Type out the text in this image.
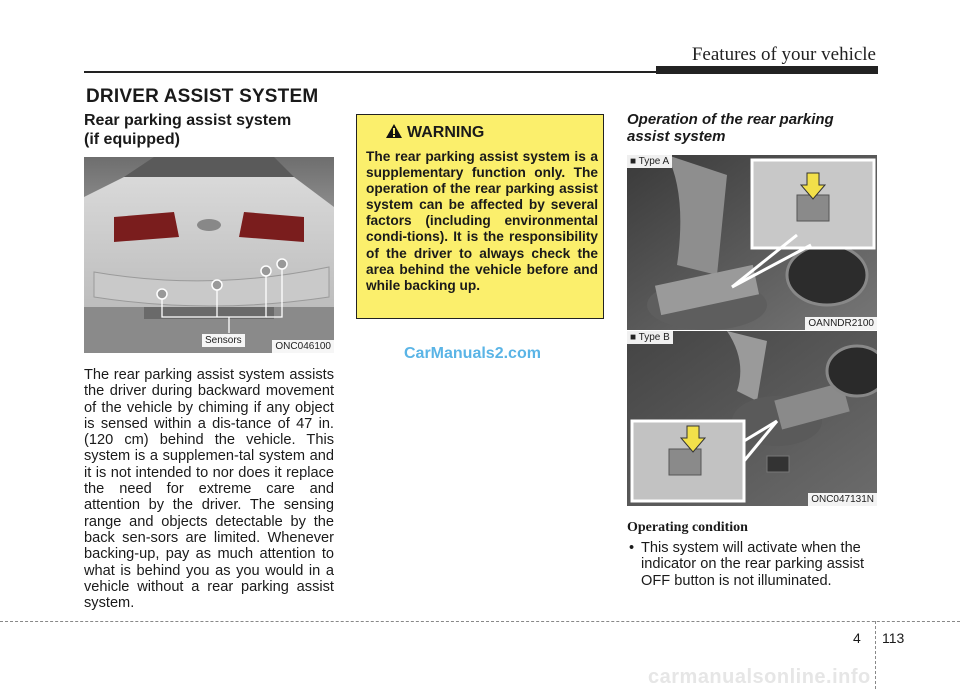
Features of your vehicle
DRIVER ASSIST SYSTEM
Rear parking assist system
(if equipped)
Sensors
ONC046100
The rear parking assist system assists the driver during backward movement of the vehicle by chiming if any object is sensed within a dis-tance of 47 in. (120 cm) behind the vehicle. This system is a supplemen-tal system and it is not intended to nor does it replace the need for extreme care and attention by the driver. The sensing range and objects detectable by the back sen-sors are limited. Whenever backing-up, pay as much attention to what is behind you as you would in a vehicle without a rear parking assist system.
WARNING
The rear parking assist system is a supplementary function only. The operation of the rear parking assist system can be affected by several factors (including environmental condi-tions). It is the responsibility of the driver to always check the area behind the vehicle before and while backing up.
CarManuals2.com
Operation of the rear parking
assist system
■ Type A
OANNDR2100
■ Type B
ONC047131N
Operating condition
• This system will activate when the indicator on the rear parking assist OFF button is not illuminated.
4 113
carmanualsonline.info
